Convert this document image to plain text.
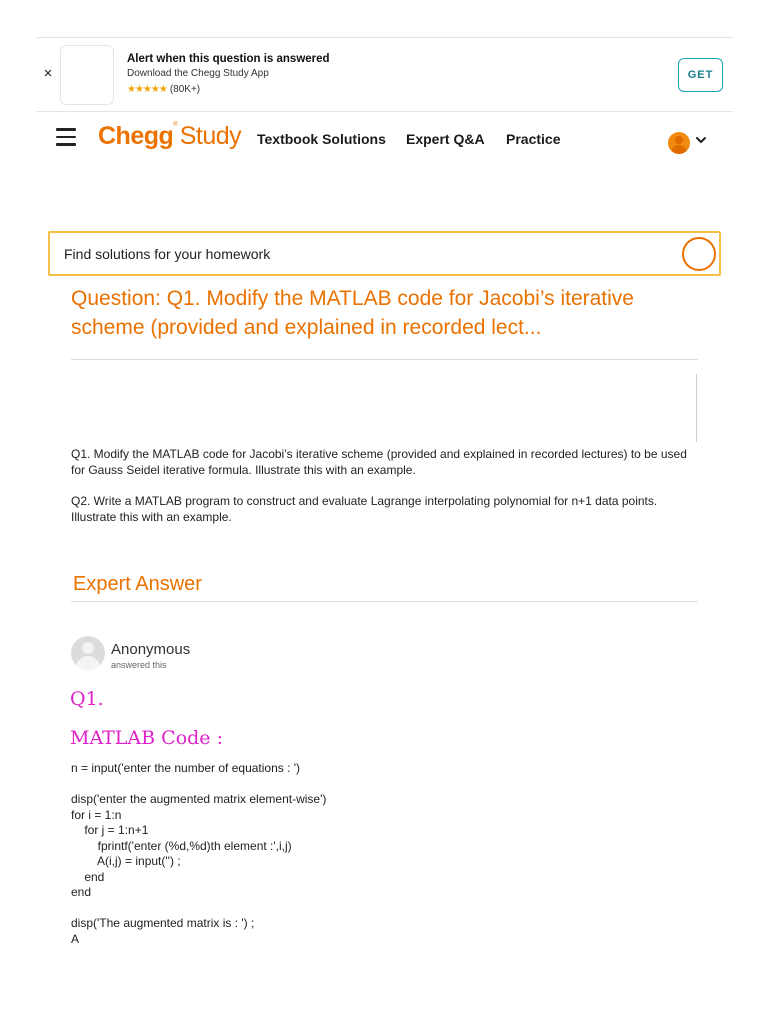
×
Alert when this question is answered
Download the Chegg Study App
★★★★★ (80K+)
GET
Chegg®Study Textbook Solutions Expert Q&A Practice
Find solutions for your homework
Question: Q1. Modify the MATLAB code for Jacobi’s iterative scheme (provided and explained in recorded lect...
Q1. Modify the MATLAB code for Jacobi’s iterative scheme (provided and explained in recorded lectures) to be used for Gauss Seidel iterative formula. Illustrate this with an example.
Q2. Write a MATLAB program to construct and evaluate Lagrange interpolating polynomial for n+1 data points. Illustrate this with an example.
Expert Answer
Anonymous
answered this
Q1.
MATLAB Code :
n = input('enter the number of equations : ')

disp('enter the augmented matrix element-wise')
for i = 1:n
for j = 1:n+1
fprintf('enter (%d,%d)th element :',i,j)
A(i,j) = input('') ;
end
end

disp('The augmented matrix is : ') ;
A
